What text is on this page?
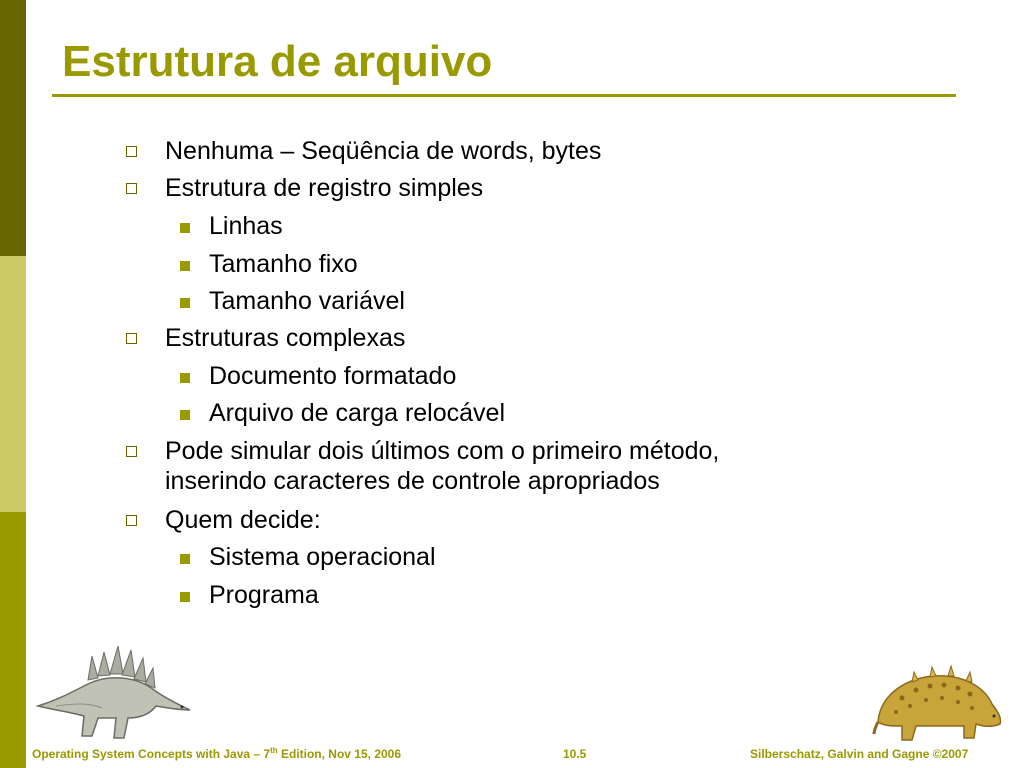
Estrutura de arquivo
Nenhuma – Seqüência de words, bytes
Estrutura de registro simples
Linhas
Tamanho fixo
Tamanho variável
Estruturas complexas
Documento formatado
Arquivo de carga relocável
Pode simular dois últimos com o primeiro método,
inserindo caracteres de controle apropriados
Quem decide:
Sistema operacional
Programa
Operating System Concepts with Java – 7th Edition, Nov 15, 2006	10.5	Silberschatz, Galvin and Gagne ©2007
